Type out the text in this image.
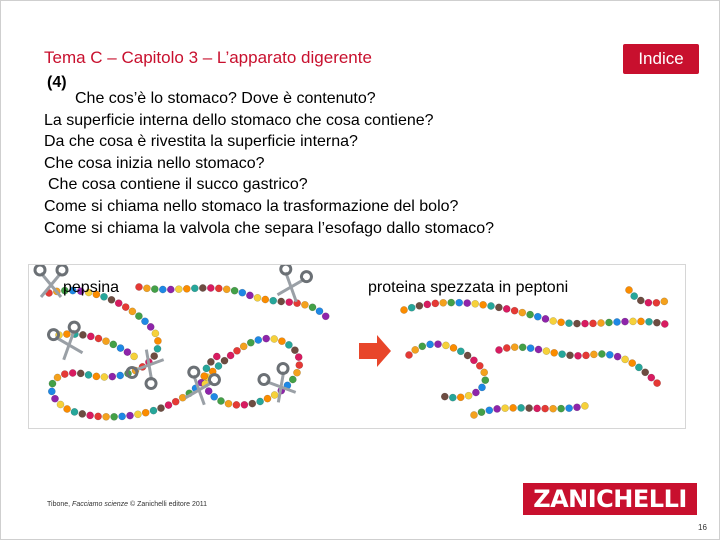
Tema C – Capitolo 3 – L’apparato digerente	Indice
(4)
Che cos’è lo stomaco? Dove è contenuto?
La superficie interna dello stomaco che cosa contiene?
Da che cosa è rivestita la superficie interna?
Che cosa inizia nello stomaco?
Che cosa contiene il succo gastrico?
Come si chiama nello stomaco la trasformazione del bolo?
Come si chiama la valvola che separa l’esofago dallo stomaco?
pepsina	proteina spezzata in peptoni
Tibone, Facciamo scienze © Zanichelli editore 2011	ZANICHELLI
16
